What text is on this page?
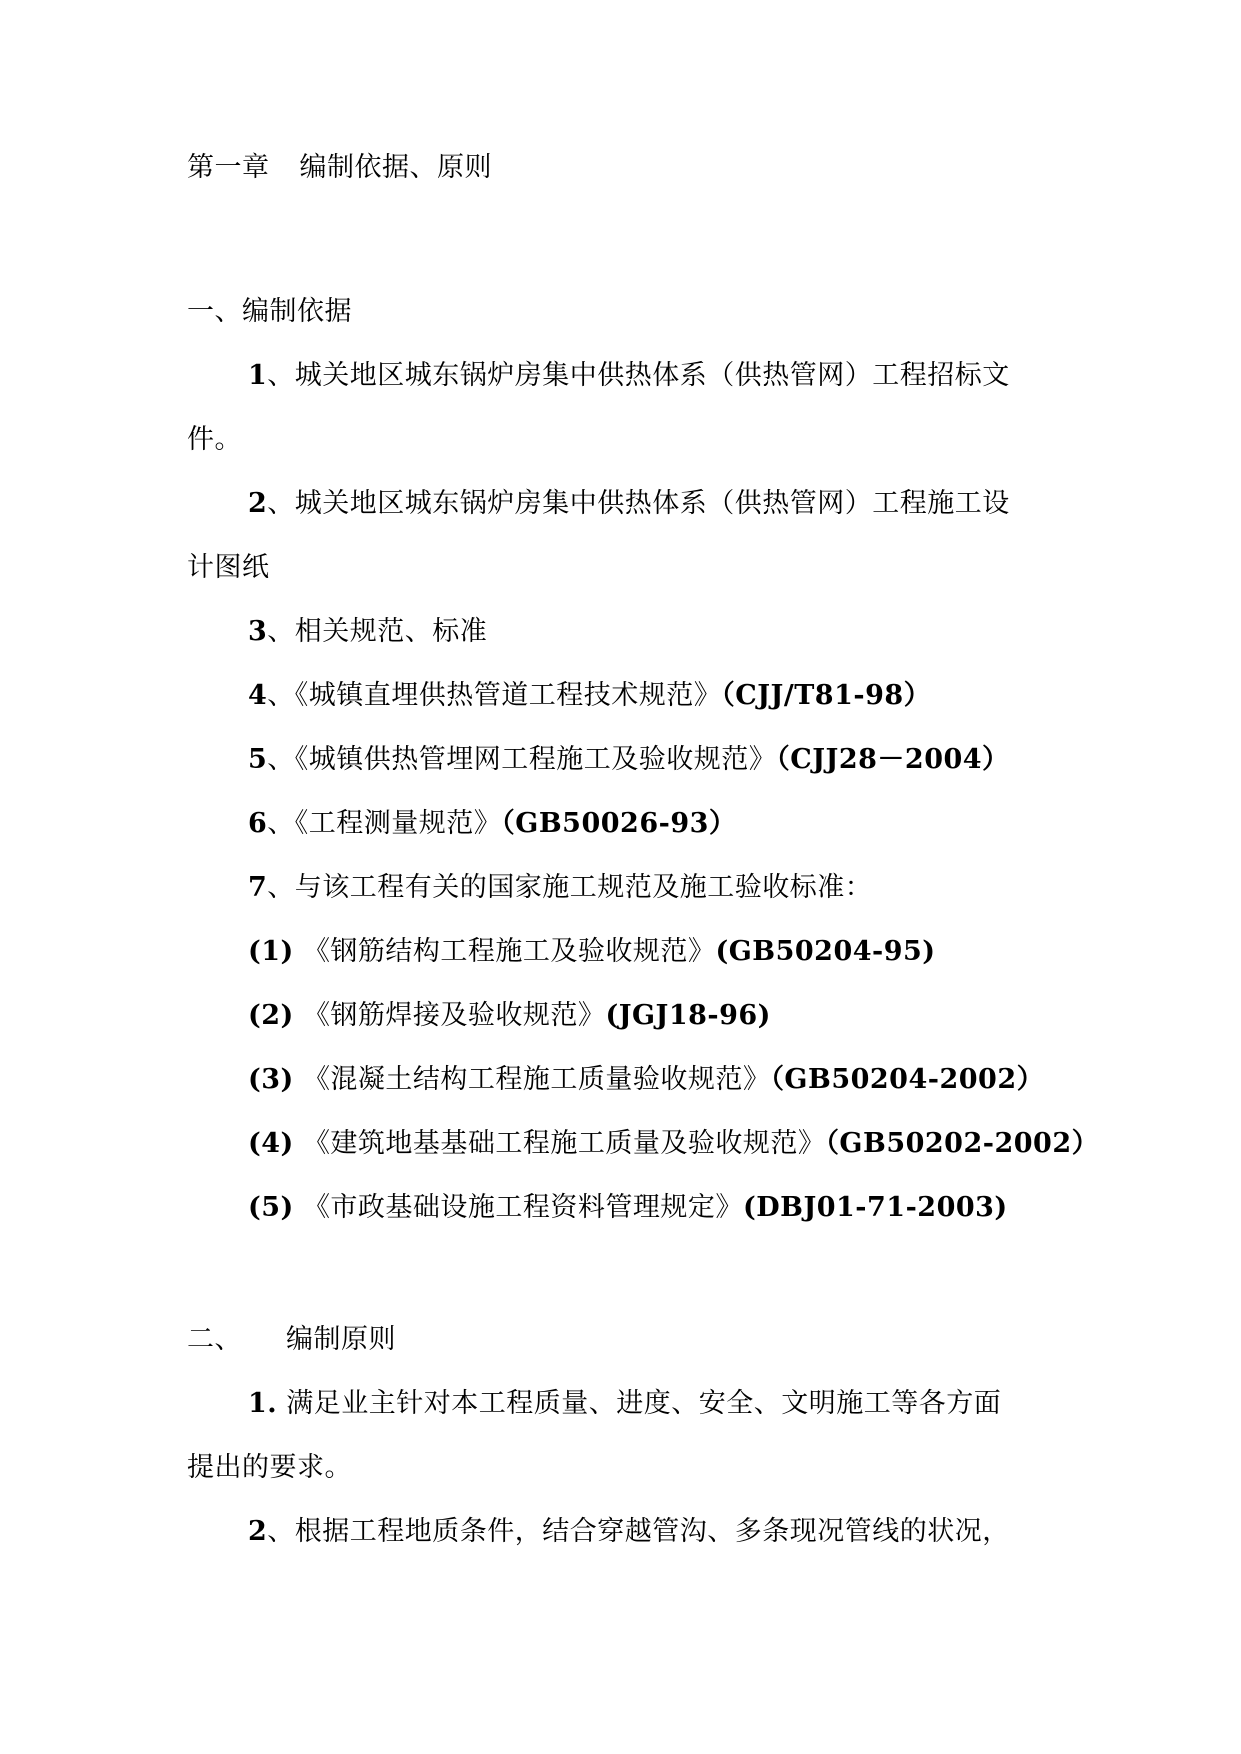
第一章 编制依据、原则
一、编制依据
1、城关地区城东锅炉房集中供热体系（供热管网）工程招标文
件。
2、城关地区城东锅炉房集中供热体系（供热管网）工程施工设
计图纸
3、相关规范、标准
4、《城镇直埋供热管道工程技术规范》（CJJ/T81-98）
5、《城镇供热管埋网工程施工及验收规范》（CJJ28－2004）
6、《工程测量规范》（GB50026-93）
7、与该工程有关的国家施工规范及施工验收标准：
(1) 《钢筋结构工程施工及验收规范》(GB50204-95)
(2) 《钢筋焊接及验收规范》(JGJ18-96)
(3) 《混凝土结构工程施工质量验收规范》（GB50204-2002）
(4) 《建筑地基基础工程施工质量及验收规范》（GB50202-2002）
(5) 《市政基础设施工程资料管理规定》(DBJ01-71-2003)
二、 编制原则
1. 满足业主针对本工程质量、进度、安全、文明施工等各方面
提出的要求。
2、根据工程地质条件，结合穿越管沟、多条现况管线的状况，
